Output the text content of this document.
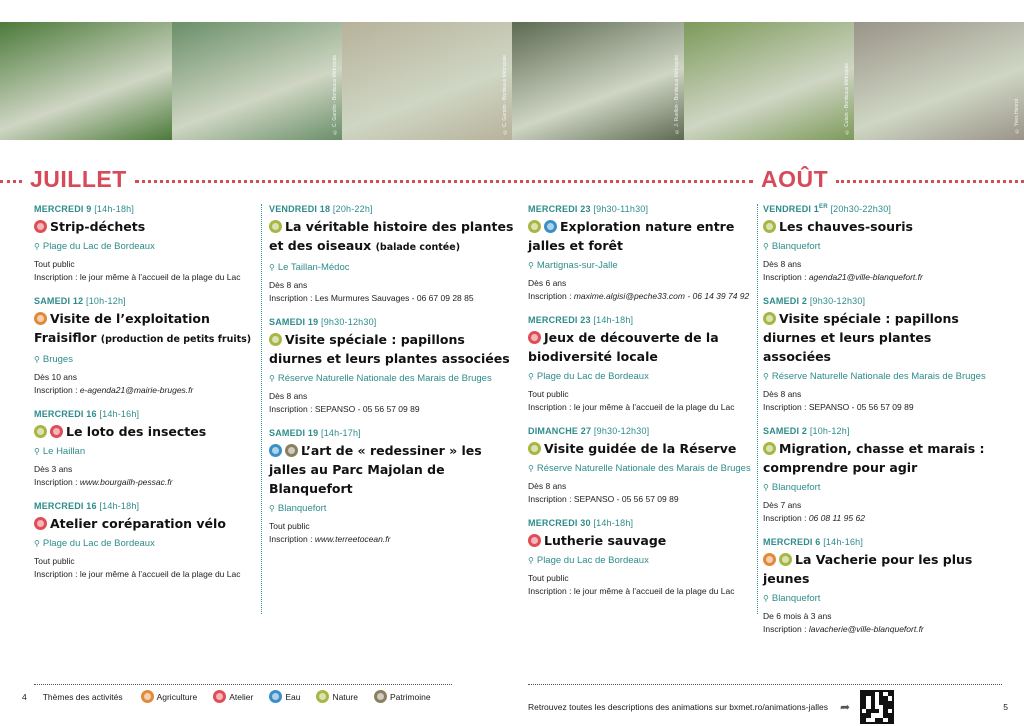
© C. Garolin - Bordeaux Métropole	© C. Garolin - Bordeaux Métropole	© J. Ruellon - Bordeaux Métropole	© Cutain - Bordeaux Métropole	© Yves Henrot
JUILLET	AOÛT
MERCREDI 9 [14h-18h]
Strip-déchets
⚲ Plage du Lac de Bordeaux
Tout public
Inscription : le jour même à l’accueil de la plage du Lac
SAMEDI 12 [10h-12h]
Visite de l’exploitation Fraisiflor (production de petits fruits)
⚲ Bruges
Dès 10 ans
Inscription : e-agenda21@mairie-bruges.fr
MERCREDI 16 [14h-16h]
Le loto des insectes
⚲ Le Haillan
Dès 3 ans
Inscription : www.bourgailh-pessac.fr
MERCREDI 16 [14h-18h]
Atelier coréparation vélo
⚲ Plage du Lac de Bordeaux
Tout public
Inscription : le jour même à l’accueil de la plage du Lac
VENDREDI 18 [20h-22h]
La véritable histoire des plantes et des oiseaux (balade contée)
⚲ Le Taillan-Médoc
Dès 8 ans
Inscription : Les Murmures Sauvages - 06 67 09 28 85
SAMEDI 19 [9h30-12h30]
Visite spéciale : papillons diurnes et leurs plantes associées
⚲ Réserve Naturelle Nationale des Marais de Bruges
Dès 8 ans
Inscription : SEPANSO - 05 56 57 09 89
SAMEDI 19 [14h-17h]
L’art de « redessiner » les jalles au Parc Majolan de Blanquefort
⚲ Blanquefort
Tout public
Inscription : www.terreetocean.fr
MERCREDI 23 [9h30-11h30]
Exploration nature entre jalles et forêt
⚲ Martignas-sur-Jalle
Dès 6 ans
Inscription : maxime.algisi@peche33.com - 06 14 39 74 92
MERCREDI 23 [14h-18h]
Jeux de découverte de la biodiversité locale
⚲ Plage du Lac de Bordeaux
Tout public
Inscription : le jour même à l’accueil de la plage du Lac
DIMANCHE 27 [9h30-12h30]
Visite guidée de la Réserve
⚲ Réserve Naturelle Nationale des Marais de Bruges
Dès 8 ans
Inscription : SEPANSO - 05 56 57 09 89
MERCREDI 30 [14h-18h]
Lutherie sauvage
⚲ Plage du Lac de Bordeaux
Tout public
Inscription : le jour même à l’accueil de la plage du Lac
VENDREDI 1ER [20h30-22h30]
Les chauves-souris
⚲ Blanquefort
Dès 8 ans
Inscription : agenda21@ville-blanquefort.fr
SAMEDI 2 [9h30-12h30]
Visite spéciale : papillons diurnes et leurs plantes associées
⚲ Réserve Naturelle Nationale des Marais de Bruges
Dès 8 ans
Inscription : SEPANSO - 05 56 57 09 89
SAMEDI 2 [10h-12h]
Migration, chasse et marais : comprendre pour agir
⚲ Blanquefort
Dès 7 ans
Inscription : 06 08 11 95 62
MERCREDI 6 [14h-16h]
La Vacherie pour les plus jeunes
⚲ Blanquefort
De 6 mois à 3 ans
Inscription : lavacherie@ville-blanquefort.fr
4 Thèmes des activités	Agriculture	Atelier	Eau	Nature	Patrimoine
Retrouvez toutes les descriptions des animations sur bxmet.ro/animations-jalles ➦	5
